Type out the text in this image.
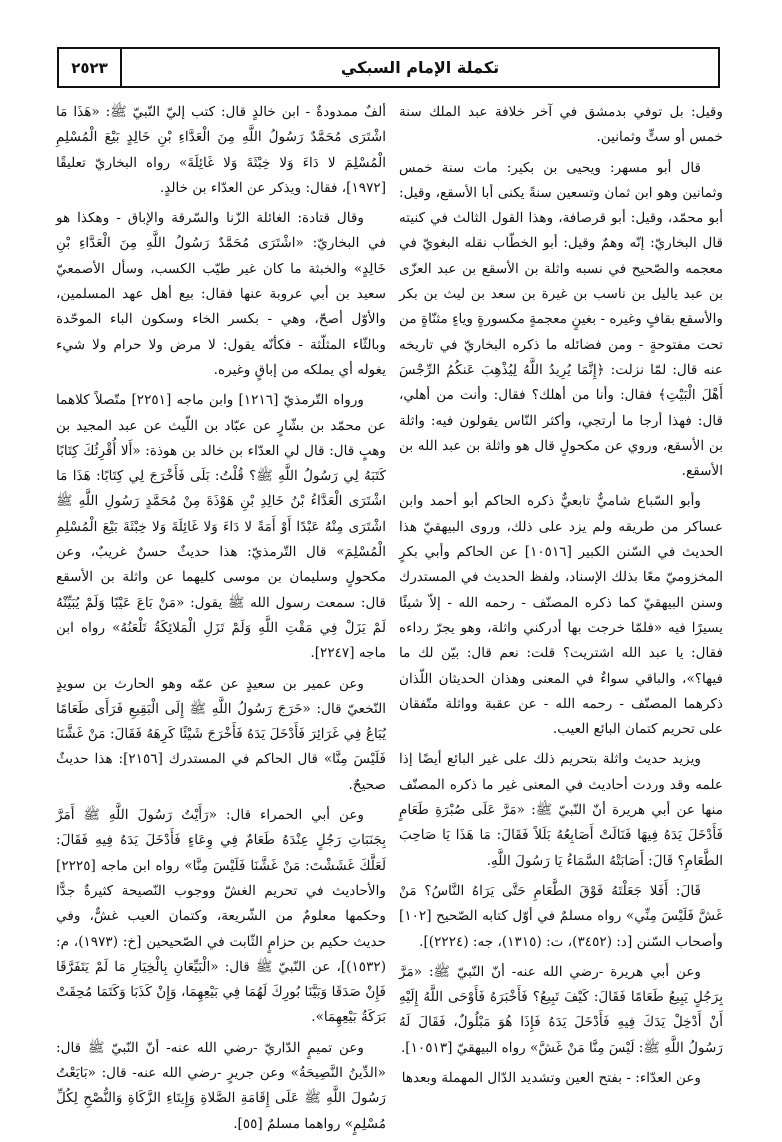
٢٥٢٣	تكملة الإمام السبكي

وقيل: بل توفي بدمشق في آخر خلافة عبد الملك سنة خمس أو ستٍّ وثمانين.

قال أبو مسهر: ويحيى بن بكير: مات سنة خمس وثمانين وهو ابن ثمان وتسعين سنةً يكنى أبا الأسقع، وقيل: أبو محمّد، وقيل: أبو قرصافة، وهذا القول الثالث في كنيته قال البخاريّ: إنّه وهمٌ وقيل: أبو الخطّاب نقله البغويّ في معجمه والصّحيح في نسبه واثلة بن الأسقع بن عبد العزّى بن عبد ياليل بن ناسب بن غيرة بن سعد بن ليث بن بكر والأسقع بقافٍ وغيره - بغينٍ معجمةٍ مكسورةٍ وياءٍ مثنّاةٍ من تحت مفتوحةٍ - ومن فضائله ما ذكره البخاريّ في تاريخه عنه قال: لمّا نزلت: ﴿إِنَّمَا يُرِيدُ اللَّهُ لِيُذْهِبَ عَنكُمُ الرِّجْسَ أَهْلَ الْبَيْتِ﴾ فقال: وأنا من أهلك؟ فقال: وأنت من أهلي، قال: فهذا أرجا ما أرتجي، وأكثر النّاس يقولون فيه: واثلة بن الأسقع، وروي عن مكحولٍ قال هو واثلة بن عبد الله بن الأسقع.

وأبو السّباع شاميٌّ تابعيٌّ ذكره الحاكم أبو أحمد وابن عساكر من طريقه ولم يزد على ذلك، وروى البيهقيّ هذا الحديث في السّنن الكبير [١٠٥١٦] عن الحاكم وأبي بكرٍ المخزوميّ معًا بذلك الإسناد، ولفظ الحديث في المستدرك وسنن البيهقيّ كما ذكره المصنّف - رحمه الله - إلاّ شيئًا يسيرًا فيه «فلمّا خرجت بها أدركني واثلة، وهو يجرّ رداءه فقال: يا عبد الله اشتريت؟ قلت: نعم قال: بيّن لك ما فيها؟»، والباقي سواءٌ في المعنى وهذان الحديثان اللّذان ذكرهما المصنّف - رحمه الله - عن عقبة وواثلة متّفقان على تحريم كتمان البائع العيب.

ويزيد حديث واثلة بتحريم ذلك على غير البائع أيضًا إذا علمه وقد وردت أحاديث في المعنى غير ما ذكره المصنّف منها عن أبي هريرة أنّ النّبيّ ﷺ: «مَرَّ عَلَى صُبْرَةِ طَعَامٍ فَأَدْخَلَ يَدَهُ فِيهَا فَنَالَتْ أَصَابِعُهُ بَلَلاً فَقَالَ: مَا هَذَا يَا صَاحِبَ الطَّعَامِ؟ قَالَ: أَصَابَتْهُ السَّمَاءُ يَا رَسُولَ اللَّهِ.

قَالَ: أَفَلا جَعَلْتَهُ فَوْقَ الطَّعَامِ حَتَّى يَرَاهُ النَّاسُ؟ مَنْ غَشَّ فَلَيْسَ مِنِّي» رواه مسلمٌ في أوّل كتابه الصّحيح [١٠٢] وأصحاب السّنن [د: (٣٤٥٢)، ت: (١٣١٥)، جه: (٢٢٢٤)].

وعن أبي هريرة -رضي الله عنه- أنّ النّبيّ ﷺ: «مَرَّ بِرَجُلٍ يَبِيعُ طَعَامًا فَقَالَ: كَيْفَ تَبِيعُ؟ فَأَخْبَرَهُ فَأَوْحَى اللَّهُ إِلَيْهِ أَنْ أَدْخِلْ يَدَكَ فِيهِ فَأَدْخَلَ يَدَهُ فَإِذَا هُوَ مَبْلُولٌ، فَقَالَ لَهُ رَسُولُ اللَّهِ ﷺ: لَيْسَ مِنَّا مَنْ غَشَّ» رواه البيهقيّ [١٠٥١٣].

وعن العدّاء: - بفتح العين وتشديد الدّال المهملة وبعدها

ألفٌ ممدودةٌ - ابن خالدٍ قال: كتب إليّ النّبيّ ﷺ: «هَذَا مَا اشْتَرَى مُحَمَّدٌ رَسُولُ اللَّهِ مِنَ الْعَدَّاءِ بْنِ خَالِدٍ بَيْعَ الْمُسْلِمِ الْمُسْلِمَ لا دَاءَ وَلا خِبْثَةَ وَلا غَائِلَةَ» رواه البخاريّ تعليقًا [١٩٧٢]، فقال: ويذكر عن العدّاء بن خالدٍ.

وقال قتادة: الغائلة الزّنا والسّرقة والإباق - وهكذا هو في البخاريّ: «اشْتَرَى مُحَمَّدٌ رَسُولُ اللَّهِ مِنَ الْعَدَّاءِ بْنِ خَالِدٍ» والخبثة ما كان غير طيّب الكسب، وسأل الأصمعيّ سعيد بن أبي عروبة عنها فقال: بيع أهل عهد المسلمين، والأوّل أصحّ، وهي - بكسر الخاء وسكون الباء الموحّدة وبالثّاء المثلّثة - فكأنّه يقول: لا مرض ولا حرام ولا شيء يغوله أي يملكه من إباقٍ وغيره.

ورواه التّرمذيّ [١٢١٦] وابن ماجه [٢٢٥١] متّصلاً كلاهما عن محمّد بن بشّارٍ عن عبّاد بن اللّيث عن عبد المجيد بن وهبٍ قال: قال لي العدّاء بن خالد بن هوذة: «أَلا أُقْرِئُكَ كِتَابًا كَتَبَهُ لِي رَسُولُ اللَّهِ ﷺ؟ قُلْتُ: بَلَى فَأَخْرَجَ لِي كِتَابًا: هَذَا مَا اشْتَرَى الْعَدَّاءُ بْنُ خَالِدِ بْنِ هَوْذَةَ مِنْ مُحَمَّدٍ رَسُولِ اللَّهِ ﷺ اشْتَرَى مِنْهُ عَبْدًا أَوْ أَمَةً لا دَاءَ وَلا غَائِلَةَ وَلا خِبْثَةَ بَيْعَ الْمُسْلِمِ الْمُسْلِمَ» قال التّرمذيّ: هذا حديثٌ حسنٌ غريبٌ، وعن مكحولٍ وسليمان بن موسى كليهما عن واثلة بن الأسقع قال: سمعت رسول الله ﷺ يقول: «مَنْ بَاعَ عَيْبًا وَلَمْ يُبَيِّنْهُ لَمْ يَزَلْ فِي مَقْتِ اللَّهِ وَلَمْ تَزَلِ الْمَلائِكَةُ تَلْعَنُهُ» رواه ابن ماجه [٢٢٤٧].

وعن عمير بن سعيدٍ عن عمّه وهو الحارث بن سويدٍ النّخعيّ قال: «خَرَجَ رَسُولُ اللَّهِ ﷺ إِلَى الْبَقِيعِ فَرَأَى طَعَامًا يُبَاعُ فِي غَرَائِرَ فَأَدْخَلَ يَدَهُ فَأَخْرَجَ شَيْئًا كَرِهَهُ فَقَالَ: مَنْ غَشَّنَا فَلَيْسَ مِنَّا» قال الحاكم في المستدرك [٢١٥٦]: هذا حديثٌ صحيحٌ.

وعن أبي الحمراء قال: «رَأَيْتُ رَسُولَ اللَّهِ ﷺ أَمَرَّ بِجَنَبَاتِ رَجُلٍ عِنْدَهُ طَعَامٌ فِي وِعَاءٍ فَأَدْخَلَ يَدَهُ فِيهِ فَقَالَ: لَعَلَّكَ غَشَشْتَ: مَنْ غَشَّنَا فَلَيْسَ مِنَّا» رواه ابن ماجه [٢٢٢٥] والأحاديث في تحريم الغشّ ووجوب النّصيحة كثيرةٌ جدًّا وحكمها معلومٌ من الشّريعة، وكتمان العيب غشٌّ، وفي حديث حكيم بن حزامٍ الثّابت في الصّحيحين [خ: (١٩٧٣)، م: (١٥٣٢)]، عن النّبيّ ﷺ قال: «الْبَيِّعَانِ بِالْخِيَارِ مَا لَمْ يَتَفَرَّقَا فَإِنْ صَدَقَا وَبَيَّنَا بُورِكَ لَهُمَا فِي بَيْعِهِمَا، وَإِنْ كَذَبَا وَكَتَمَا مُحِقَتْ بَرَكَةُ بَيْعِهِمَا».

وعن تميمٍ الدّاريّ -رضي الله عنه- أنّ النّبيّ ﷺ قال: «الدِّينُ النَّصِيحَةُ» وعن جريرٍ -رضي الله عنه- قال: «بَايَعْتُ رَسُولَ اللَّهِ ﷺ عَلَى إِقَامَةِ الصَّلاةِ وَإِيتَاءِ الزَّكَاةِ وَالنُّصْحِ لِكُلِّ مُسْلِمٍ» رواهما مسلمٌ [٥٥].
